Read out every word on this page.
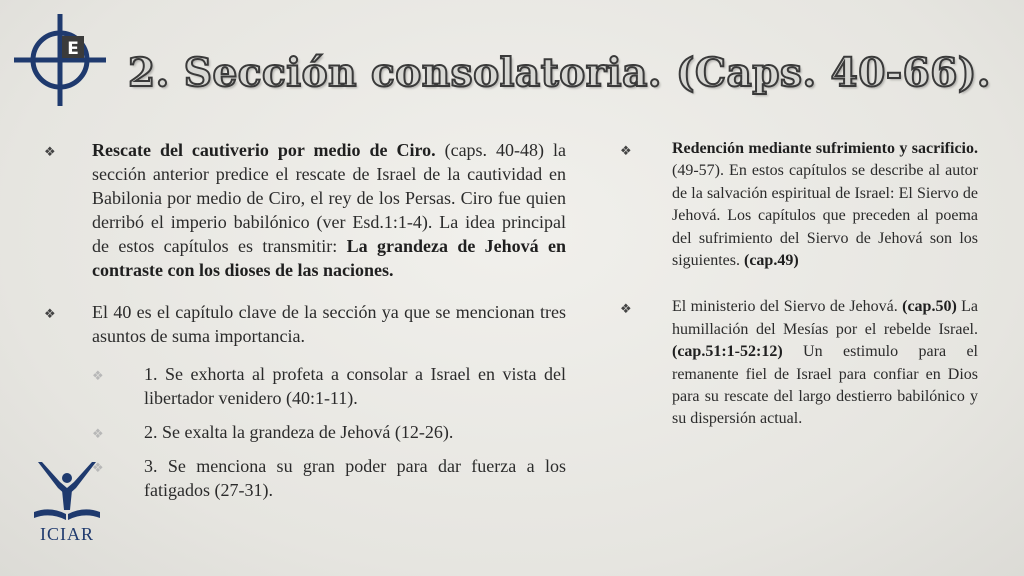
E
2. Sección consolatoria. (Caps. 40-66).
❖ Rescate del cautiverio por medio de Ciro. (caps. 40-48) la sección anterior predice el rescate de Israel de la cautividad en Babilonia por medio de Ciro, el rey de los Persas. Ciro fue quien derribó el imperio babilónico (ver Esd.1:1-4). La idea principal de estos capítulos es transmitir: La grandeza de Jehová en contraste con los dioses de las naciones.
❖ El 40 es el capítulo clave de la sección ya que se mencionan tres asuntos de suma importancia.
❖ 1. Se exhorta al profeta a consolar a Israel en vista del libertador venidero (40:1-11).
❖ 2. Se exalta la grandeza de Jehová (12-26).
❖ 3. Se menciona su gran poder para dar fuerza a los fatigados (27-31).
❖	Redención mediante sufrimiento y sacrificio. (49-57). En estos capítulos se describe al autor de la salvación espiritual de Israel: El Siervo de Jehová. Los capítulos que preceden al poema del sufrimiento del Siervo de Jehová son los siguientes. (cap.49)
❖	El ministerio del Siervo de Jehová. (cap.50) La humillación del Mesías por el rebelde Israel. (cap.51:1-52:12) Un estimulo para el remanente fiel de Israel para confiar en Dios para su rescate del largo destierro babilónico y su dispersión actual.
ICIAR
